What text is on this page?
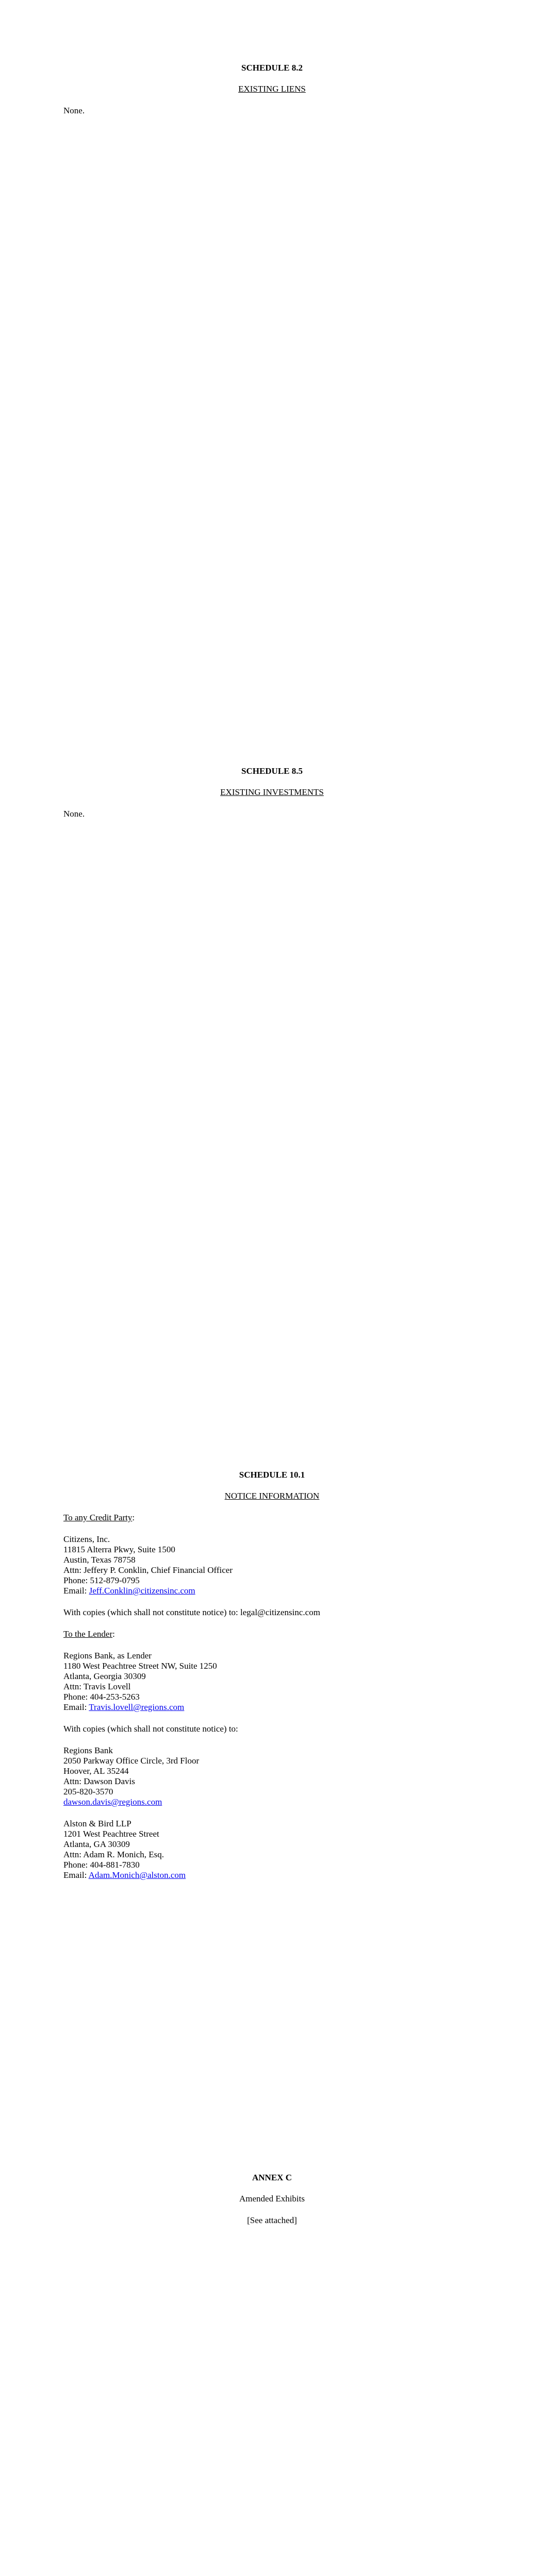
SCHEDULE 8.2

EXISTING LIENS

None.

SCHEDULE 8.5

EXISTING INVESTMENTS

None.

SCHEDULE 10.1

NOTICE INFORMATION

To any Credit Party:

Citizens, Inc.
11815 Alterra Pkwy, Suite 1500
Austin, Texas 78758
Attn: Jeffery P. Conklin, Chief Financial Officer
Phone: 512-879-0795
Email: Jeff.Conklin@citizensinc.com

With copies (which shall not constitute notice) to: legal@citizensinc.com

To the Lender:

Regions Bank, as Lender
1180 West Peachtree Street NW, Suite 1250
Atlanta, Georgia 30309
Attn: Travis Lovell
Phone: 404-253-5263
Email: Travis.lovell@regions.com

With copies (which shall not constitute notice) to:

Regions Bank
2050 Parkway Office Circle, 3rd Floor
Hoover, AL 35244
Attn: Dawson Davis
205-820-3570
dawson.davis@regions.com
Alston & Bird LLP
1201 West Peachtree Street
Atlanta, GA 30309
Attn: Adam R. Monich, Esq.
Phone: 404-881-7830
Email: Adam.Monich@alston.com

ANNEX C

Amended Exhibits

[See attached]
